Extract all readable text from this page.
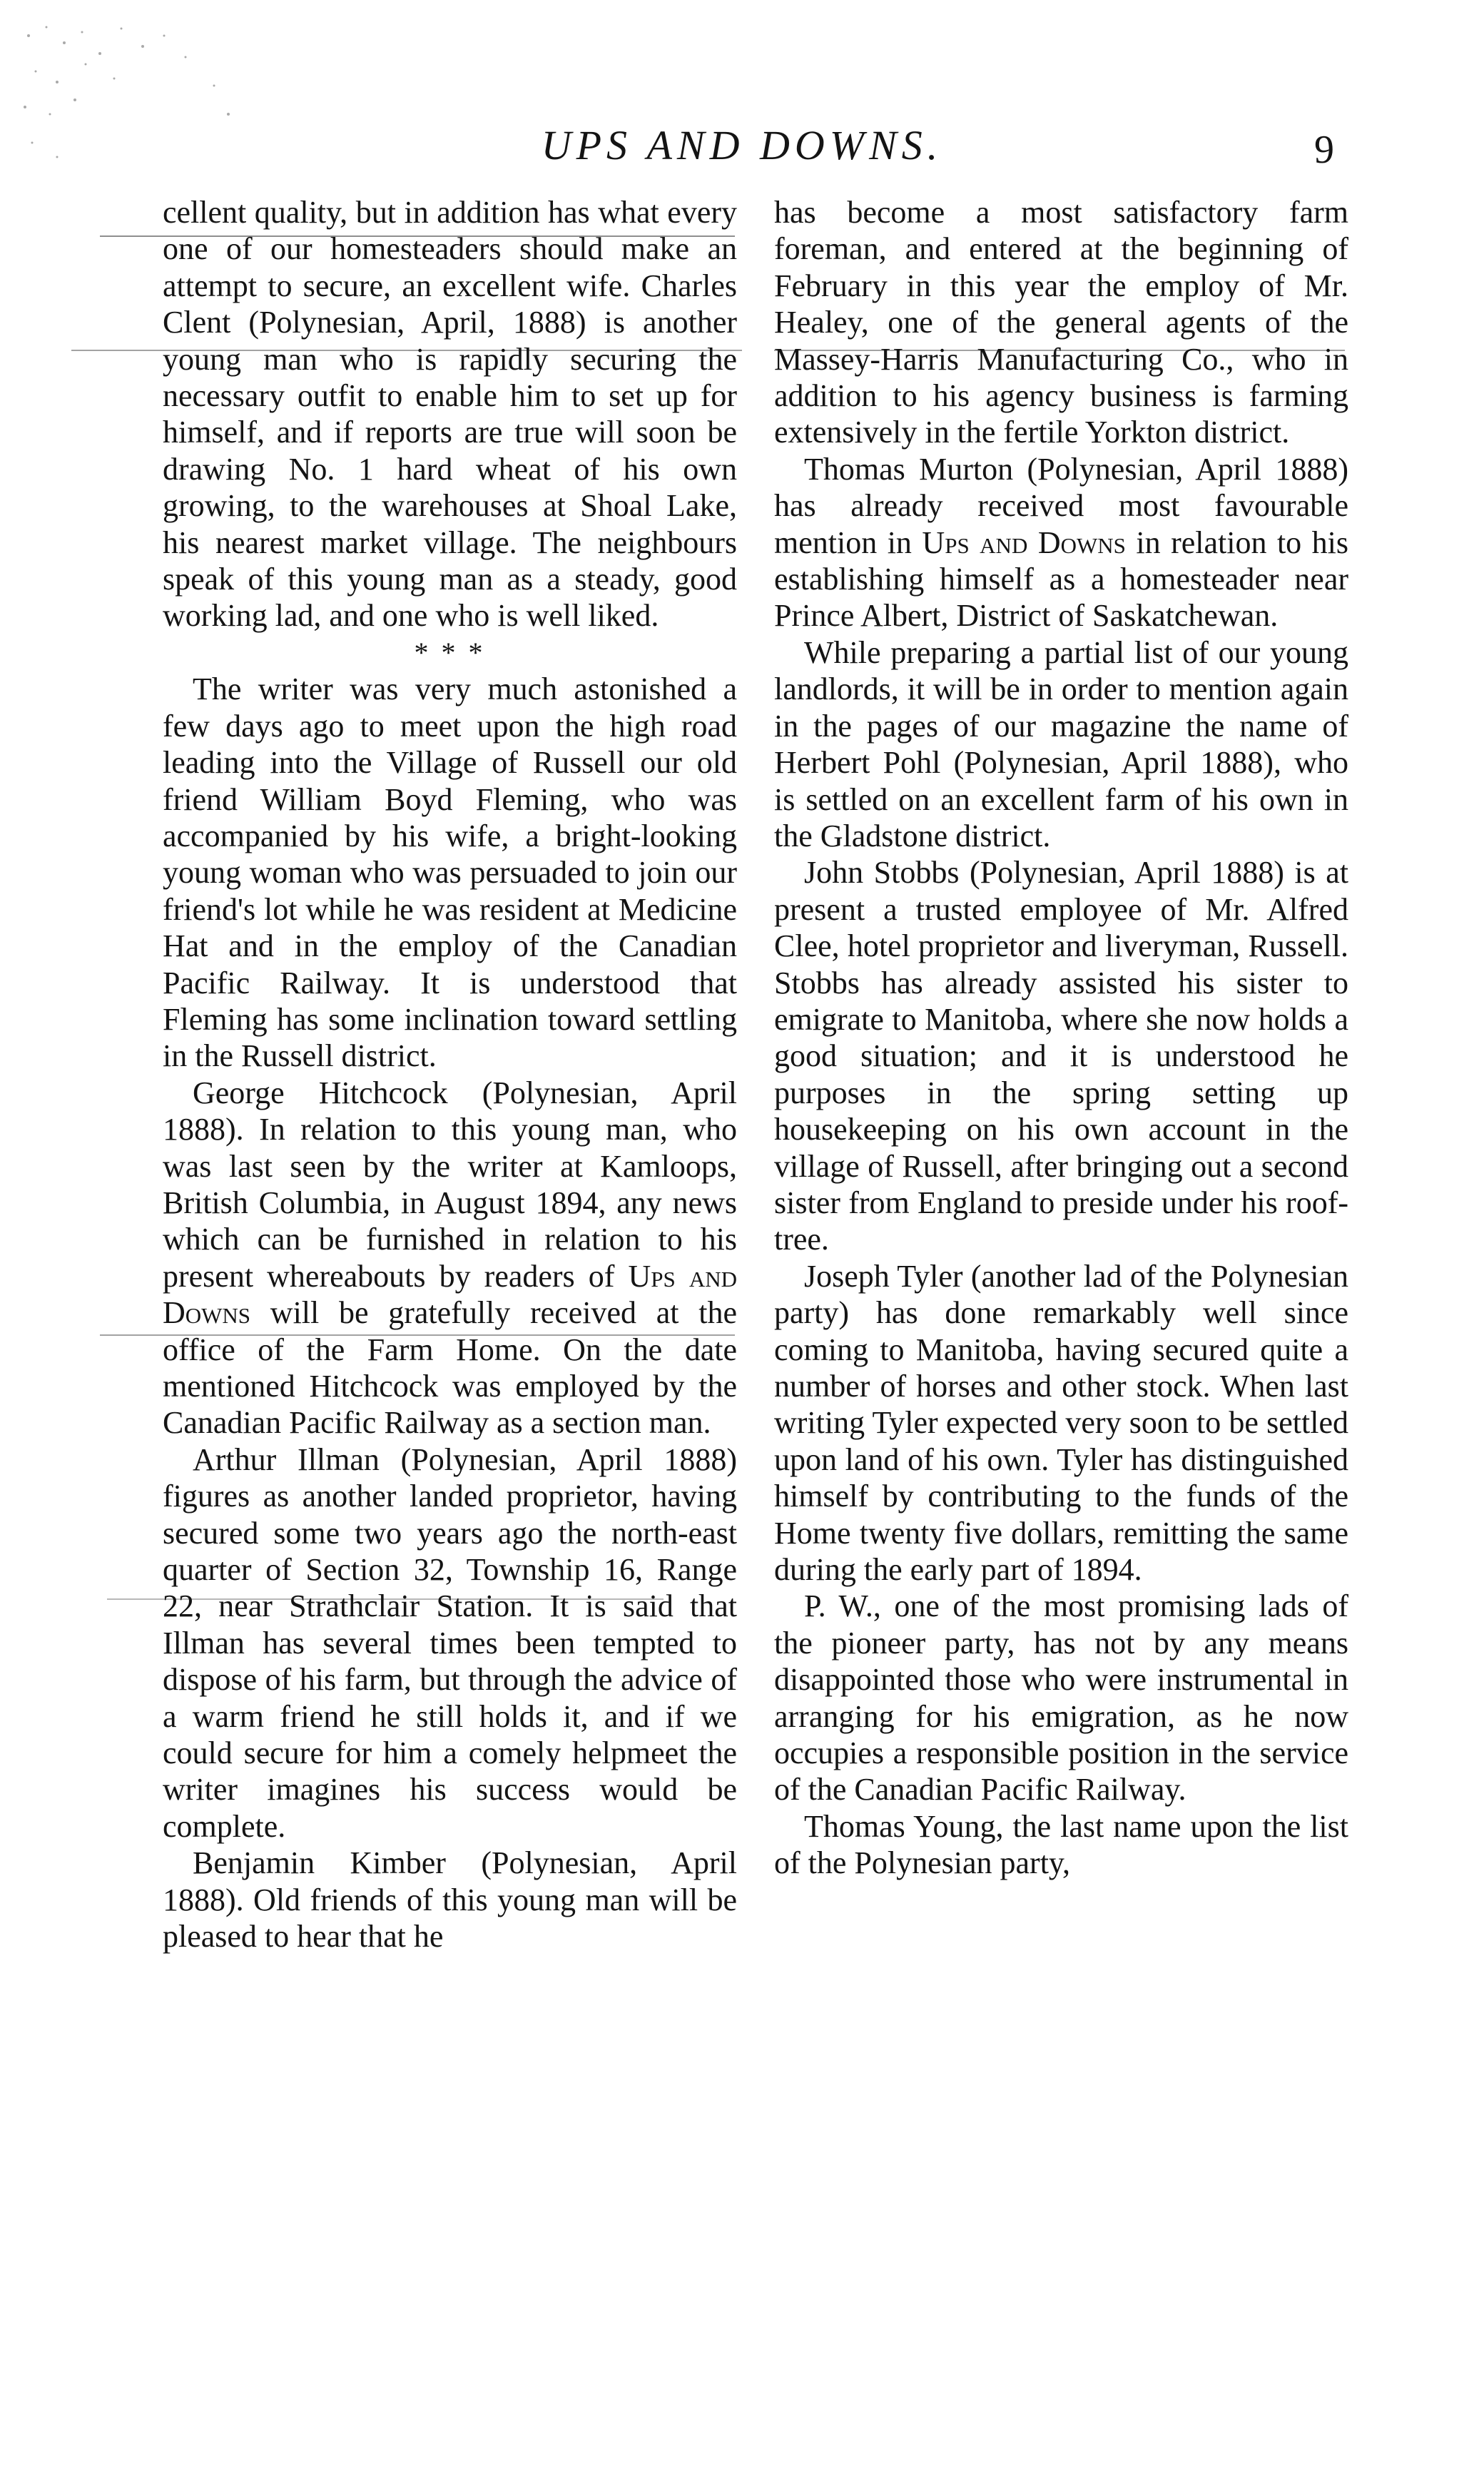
UPS AND DOWNS.	9

cellent quality, but in addition has what every one of our homesteaders should make an attempt to secure, an excellent wife. Charles Clent (Polynesian, April, 1888) is another young man who is rapidly securing the necessary outfit to enable him to set up for himself, and if reports are true will soon be drawing No. 1 hard wheat of his own growing, to the warehouses at Shoal Lake, his nearest market village. The neighbours speak of this young man as a steady, good working lad, and one who is well liked.

* * *

The writer was very much astonished a few days ago to meet upon the high road leading into the Village of Russell our old friend William Boyd Fleming, who was accompanied by his wife, a bright-looking young woman who was persuaded to join our friend's lot while he was resident at Medicine Hat and in the employ of the Canadian Pacific Railway. It is understood that Fleming has some inclination toward settling in the Russell district.

George Hitchcock (Polynesian, April 1888). In relation to this young man, who was last seen by the writer at Kamloops, British Columbia, in August 1894, any news which can be furnished in relation to his present whereabouts by readers of Ups and Downs will be gratefully received at the office of the Farm Home. On the date mentioned Hitchcock was employed by the Canadian Pacific Railway as a section man.

Arthur Illman (Polynesian, April 1888) figures as another landed proprietor, having secured some two years ago the north-east quarter of Section 32, Township 16, Range 22, near Strathclair Station. It is said that Illman has several times been tempted to dispose of his farm, but through the advice of a warm friend he still holds it, and if we could secure for him a comely helpmeet the writer imagines his success would be complete.

Benjamin Kimber (Polynesian, April 1888). Old friends of this young man will be pleased to hear that he

has become a most satisfactory farm foreman, and entered at the beginning of February in this year the employ of Mr. Healey, one of the general agents of the Massey-Harris Manufacturing Co., who in addition to his agency business is farming extensively in the fertile Yorkton district.

Thomas Murton (Polynesian, April 1888) has already received most favourable mention in Ups and Downs in relation to his establishing himself as a homesteader near Prince Albert, District of Saskatchewan.

While preparing a partial list of our young landlords, it will be in order to mention again in the pages of our magazine the name of Herbert Pohl (Polynesian, April 1888), who is settled on an excellent farm of his own in the Gladstone district.

John Stobbs (Polynesian, April 1888) is at present a trusted employee of Mr. Alfred Clee, hotel proprietor and liveryman, Russell. Stobbs has already assisted his sister to emigrate to Manitoba, where she now holds a good situation; and it is understood he purposes in the spring setting up housekeeping on his own account in the village of Russell, after bringing out a second sister from England to preside under his roof-tree.

Joseph Tyler (another lad of the Polynesian party) has done remarkably well since coming to Manitoba, having secured quite a number of horses and other stock. When last writing Tyler expected very soon to be settled upon land of his own. Tyler has distinguished himself by contributing to the funds of the Home twenty five dollars, remitting the same during the early part of 1894.

P. W., one of the most promising lads of the pioneer party, has not by any means disappointed those who were instrumental in arranging for his emigration, as he now occupies a responsible position in the service of the Canadian Pacific Railway.

Thomas Young, the last name upon the list of the Polynesian party,
